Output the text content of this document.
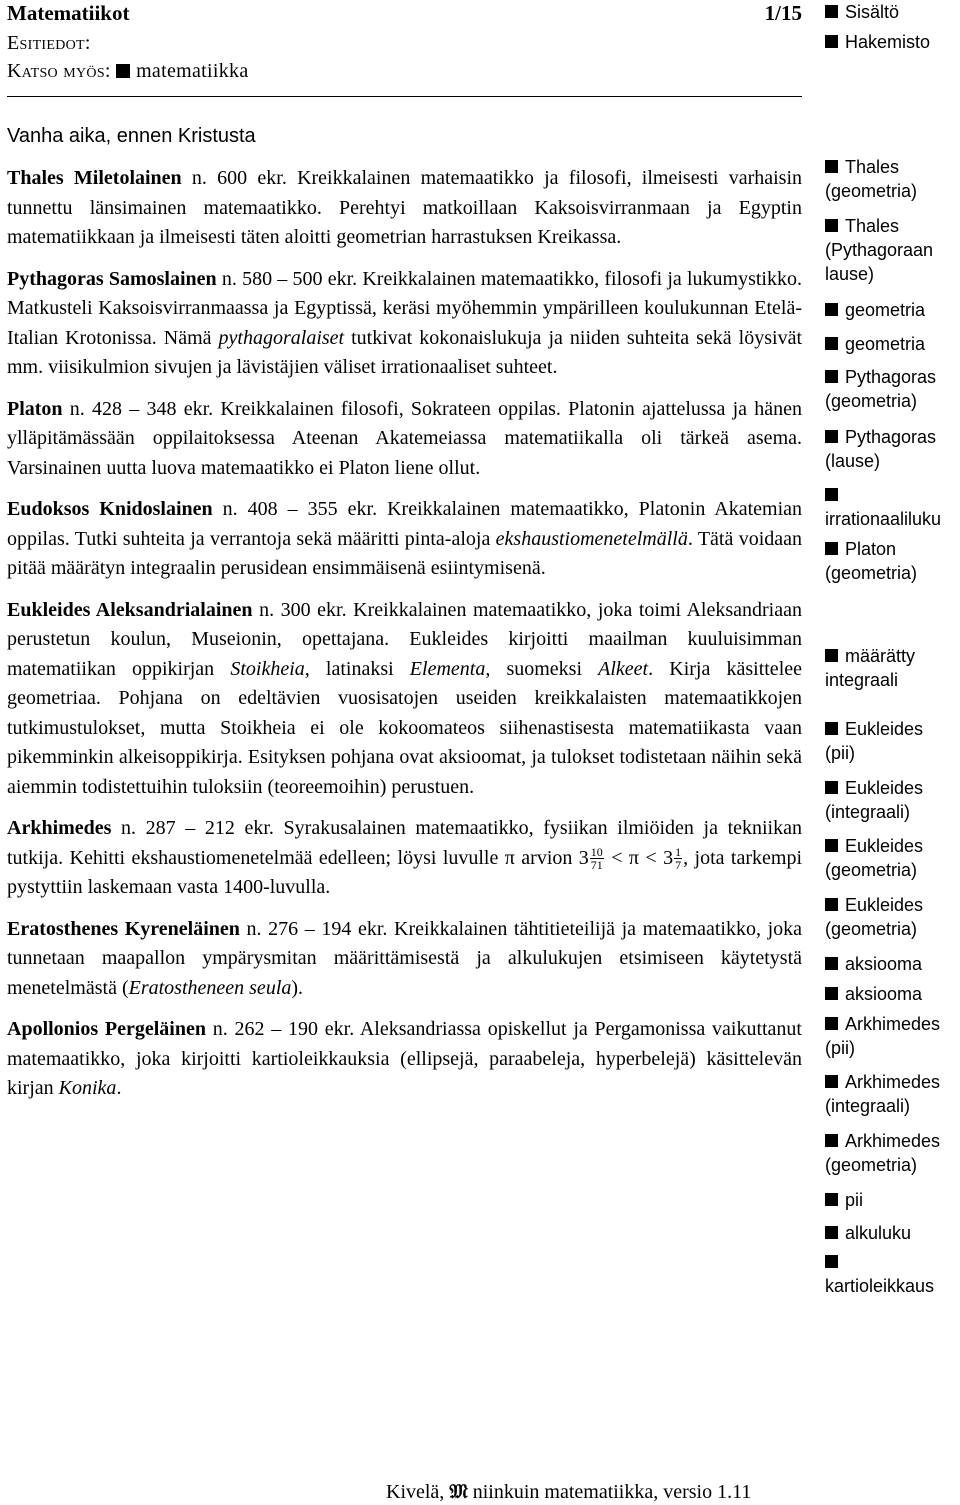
Matematiikot	1/15
Esitiedot:
Katso myös: matematiikka
Vanha aika, ennen Kristusta

Thales Miletolainen n. 600 ekr. Kreikkalainen matemaatikko ja filosofi, ilmeisesti varhaisin tunnettu länsimainen matemaatikko. Perehtyi matkoillaan Kaksoisvirranmaan ja Egyptin matematiikkaan ja ilmeisesti täten aloitti geometrian harrastuksen Kreikassa.

Pythagoras Samoslainen n. 580 – 500 ekr. Kreikkalainen matemaatikko, filosofi ja lukumystikko. Matkusteli Kaksoisvirranmaassa ja Egyptissä, keräsi myöhemmin ympärilleen koulukunnan Etelä-Italian Krotonissa. Nämä pythagoralaiset tutkivat kokonaislukuja ja niiden suhteita sekä löysivät mm. viisikulmion sivujen ja lävistäjien väliset irrationaaliset suhteet.

Platon n. 428 – 348 ekr. Kreikkalainen filosofi, Sokrateen oppilas. Platonin ajattelussa ja hänen ylläpitämässään oppilaitoksessa Ateenan Akatemeiassa matematiikalla oli tärkeä asema. Varsinainen uutta luova matemaatikko ei Platon liene ollut.

Eudoksos Knidoslainen n. 408 – 355 ekr. Kreikkalainen matemaatikko, Platonin Akatemian oppilas. Tutki suhteita ja verrantoja sekä määritti pinta-aloja ekshaustiomenetelmällä. Tätä voidaan pitää määrätyn integraalin perusidean ensimmäisenä esiintymisenä.

Eukleides Aleksandrialainen n. 300 ekr. Kreikkalainen matemaatikko, joka toimi Aleksandriaan perustetun koulun, Museionin, opettajana. Eukleides kirjoitti maailman kuuluisimman matematiikan oppikirjan Stoikheia, latinaksi Elementa, suomeksi Alkeet. Kirja käsittelee geometriaa. Pohjana on edeltävien vuosisatojen useiden kreikkalaisten matemaatikkojen tutkimustulokset, mutta Stoikheia ei ole kokoomateos siihenastisesta matematiikasta vaan pikemminkin alkeisoppikirja. Esityksen pohjana ovat aksioomat, ja tulokset todistetaan näihin sekä aiemmin todistettuihin tuloksiin (teoreemoihin) perustuen.

Arkhimedes n. 287 – 212 ekr. Syrakusalainen matemaatikko, fysiikan ilmiöiden ja tekniikan tutkija. Kehitti ekshaustiomenetelmää edelleen; löysi luvulle π arvion $3 \frac{10}{71} < \pi < 3 \frac{1}{7}$ , jota tarkempi pystyttiin laskemaan vasta 1400-luvulla.

Eratosthenes Kyreneläinen n. 276 – 194 ekr. Kreikkalainen tähtitieteilijä ja matemaatikko, joka tunnetaan maapallon ympärysmitan määrittämisestä ja alkulukujen etsimiseen käytetystä menetelmästä (Eratostheneen seula).

Apollonios Pergeläinen n. 262 – 190 ekr. Aleksandriassa opiskellut ja Pergamonissa vaikuttanut matemaatikko, joka kirjoitti kartioleikkauksia (ellipsejä, paraabeleja, hyperbelejä) käsittelevän kirjan Konika.

Sisältö
Hakemisto
Thales
(geometria)
Thales
(Pythagoraan
lause)
geometria
geometria
Pythagoras
(geometria)
Pythagoras
(lause)

irrationaaliluku
Platon
(geometria)
määrätty
integraali
Eukleides
(pii)
Eukleides
(integraali)
Eukleides
(geometria)
Eukleides
(geometria)
aksiooma
aksiooma
Arkhimedes
(pii)
Arkhimedes
(integraali)
Arkhimedes
(geometria)
pii
alkuluku

kartioleikkaus
Kivelä, 𝔐 niinkuin matematiikka, versio 1.11
